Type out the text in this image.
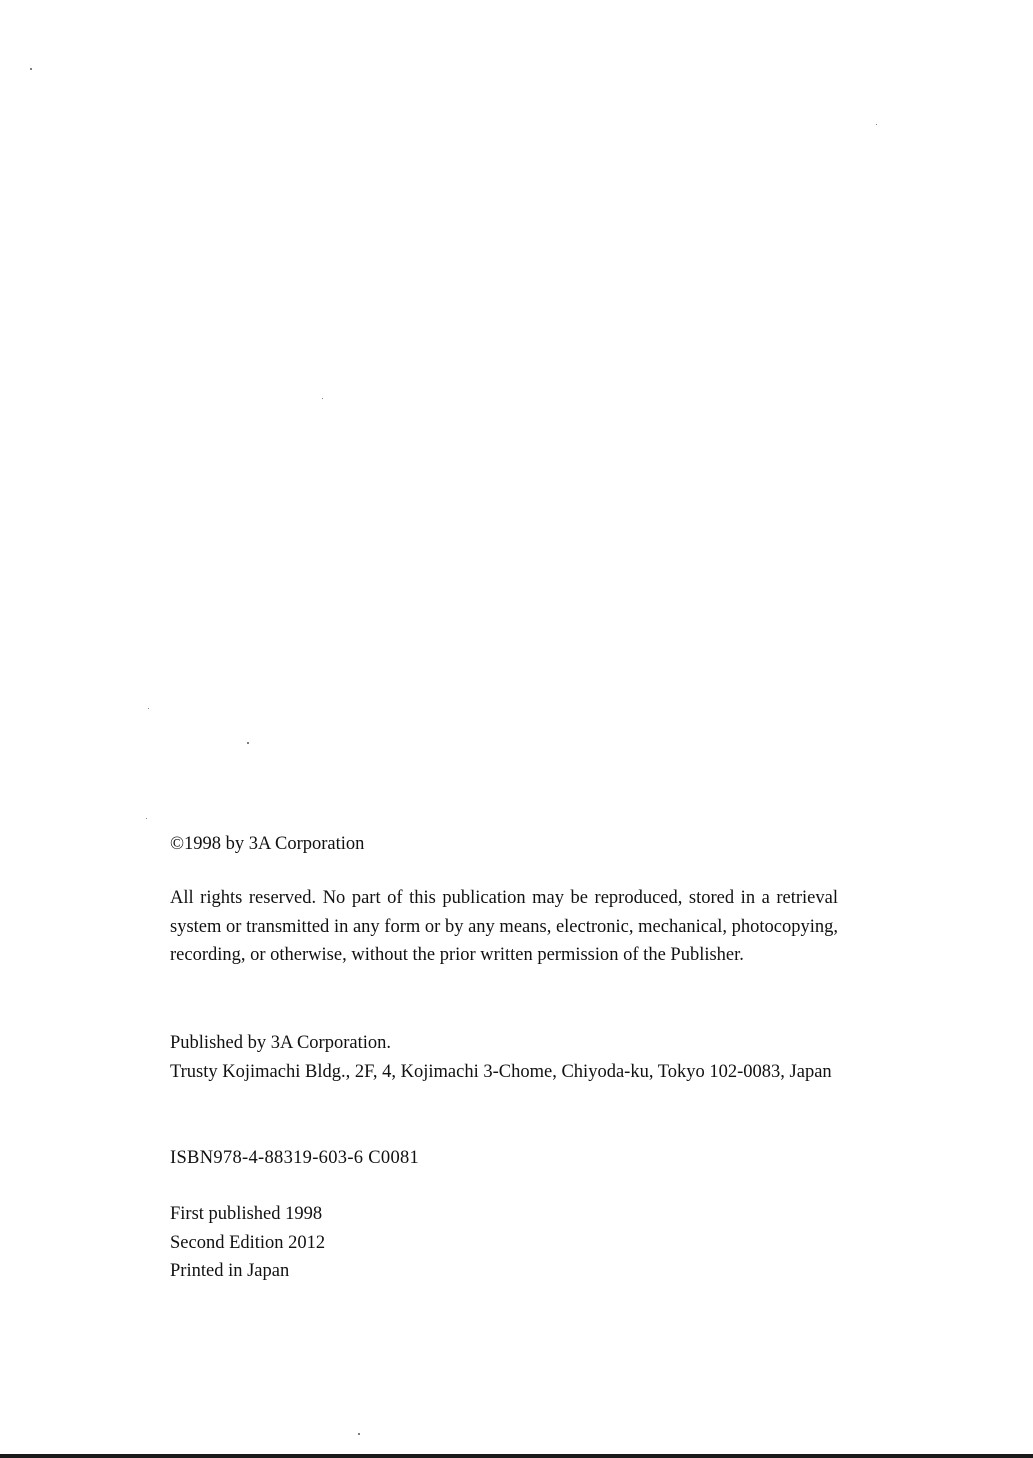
©1998 by 3A Corporation

All rights reserved. No part of this publication may be reproduced, stored in a retrieval system or transmitted in any form or by any means, electronic, mechanical, photocopying, recording, or otherwise, without the prior written permission of the Publisher.

Published by 3A Corporation.
Trusty Kojimachi Bldg., 2F, 4, Kojimachi 3-Chome, Chiyoda-ku, Tokyo 102-0083, Japan
ISBN978-4-88319-603-6 C0081
First published 1998
Second Edition 2012
Printed in Japan
